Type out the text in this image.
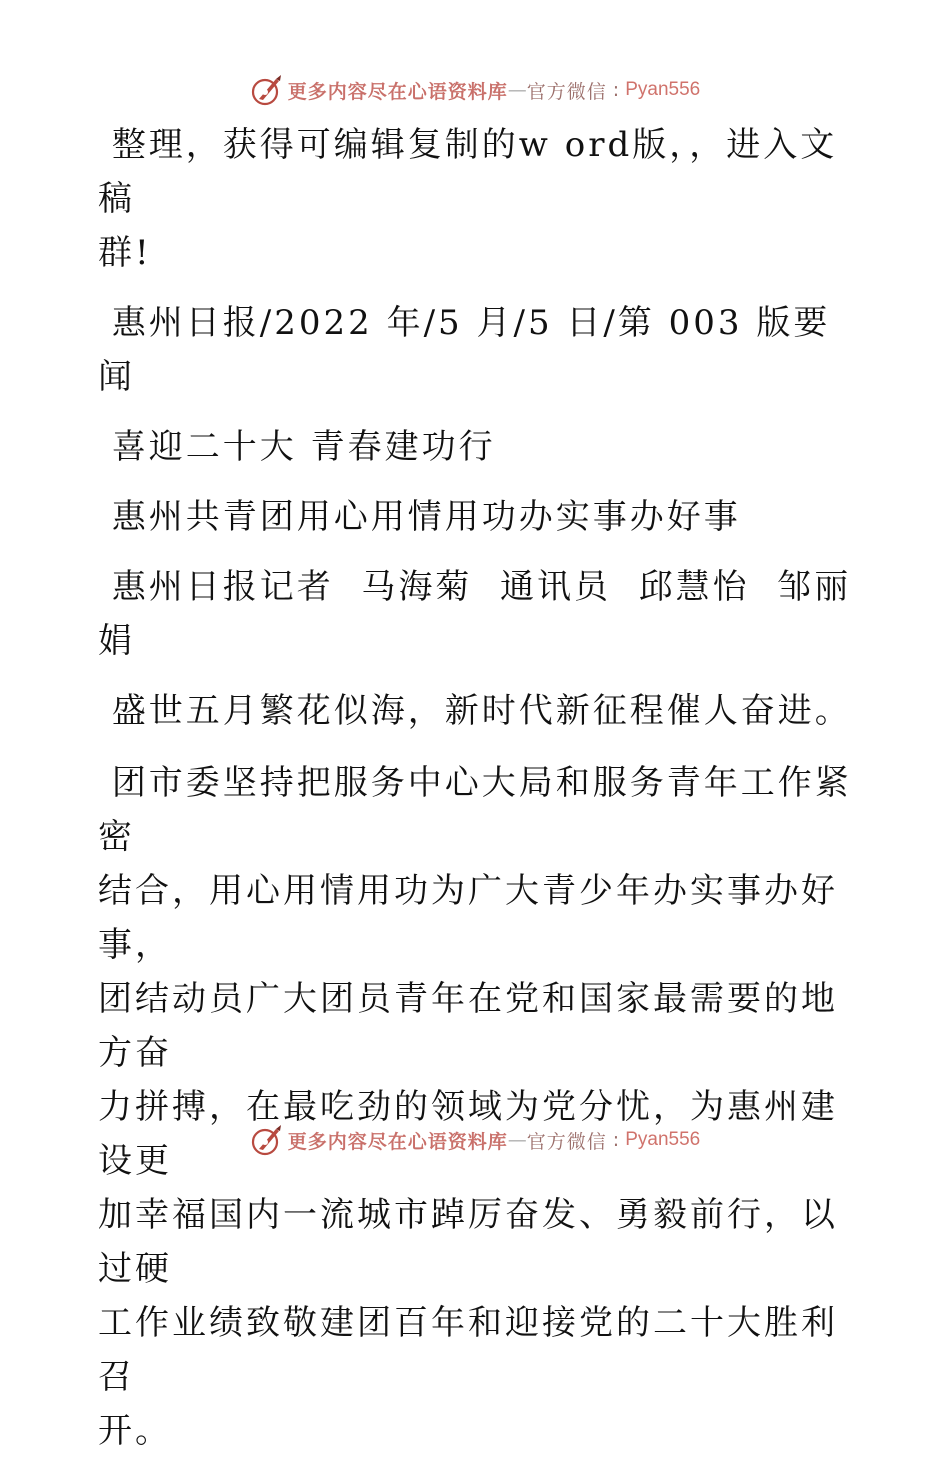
更多内容尽在心语资料库 — 官方微信 : Pyan556

整理，获得可编辑复制的w ord版，，进入文稿

群!

惠州日报/2022 年/5 月/5 日/第 003 版要闻

喜迎二十大 青春建功行

惠州共青团用心用情用功办实事办好事

惠州日报记者  马海菊  通讯员  邱慧怡  邹丽

娟

盛世五月繁花似海，新时代新征程催人奋进。

团市委坚持把服务中心大局和服务青年工作紧密

结合，用心用情用功为广大青少年办实事办好事，

团结动员广大团员青年在党和国家最需要的地方奋

力拼搏，在最吃劲的领域为党分忧，为惠州建设更

加幸福国内一流城市踔厉奋发、勇毅前行，以过硬

工作业绩致敬建团百年和迎接党的二十大胜利召

开。

更多内容尽在心语资料库 — 官方微信 : Pyan556
